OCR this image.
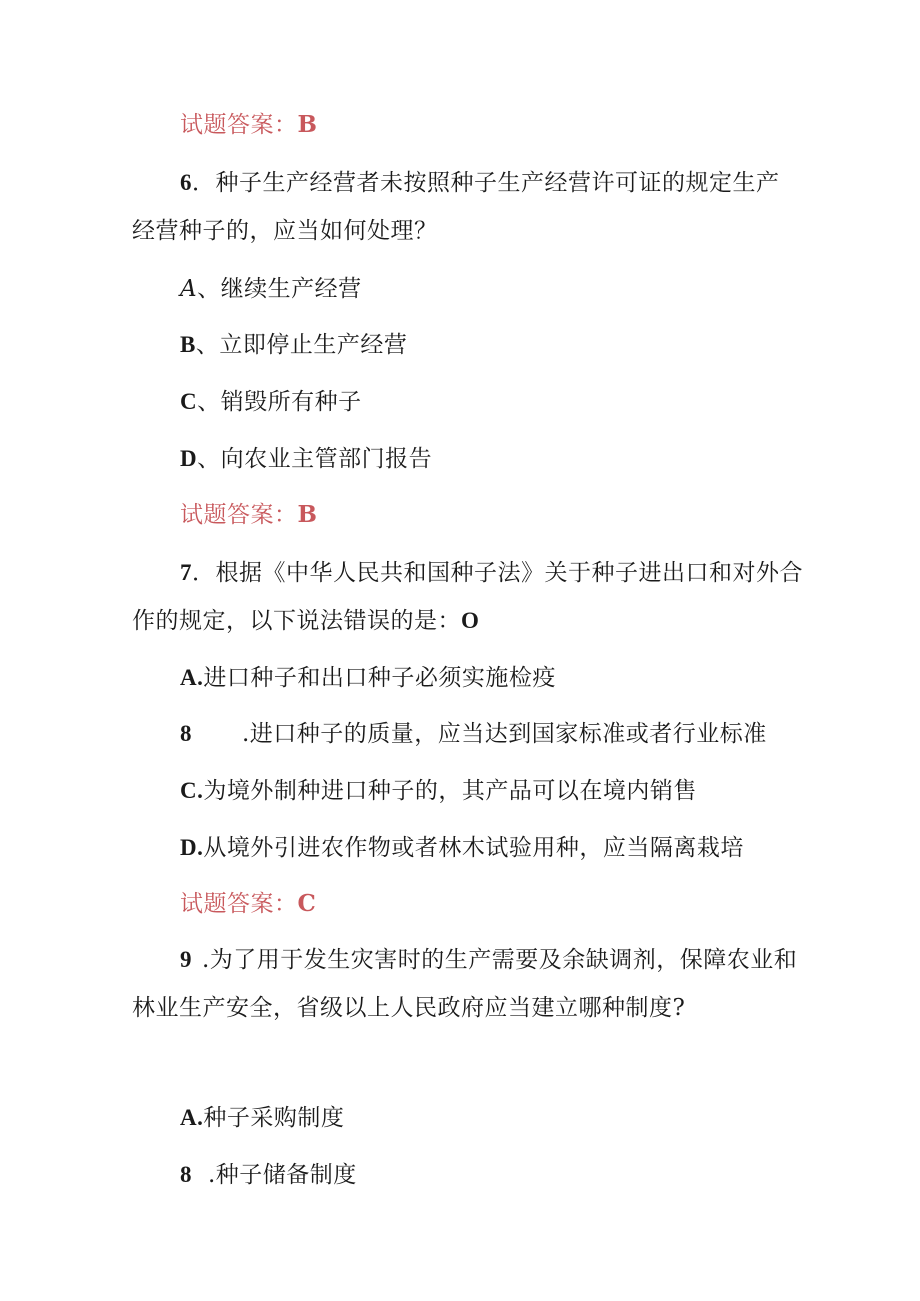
试题答案：B
6．种子生产经营者未按照种子生产经营许可证的规定生产
经营种子的，应当如何处理？
A、继续生产经营
B、立即停止生产经营
C、销毁所有种子
D、向农业主管部门报告
试题答案：B
7．根据《中华人民共和国种子法》关于种子进出口和对外合
作的规定，以下说法错误的是：O
A.进口种子和出口种子必须实施检疫
8 .进口种子的质量，应当达到国家标准或者行业标准
C.为境外制种进口种子的，其产品可以在境内销售
D.从境外引进农作物或者林木试验用种，应当隔离栽培
试题答案：C
9 .为了用于发生灾害时的生产需要及余缺调剂，保障农业和
林业生产安全，省级以上人民政府应当建立哪种制度?
A.种子采购制度
8 .种子储备制度
